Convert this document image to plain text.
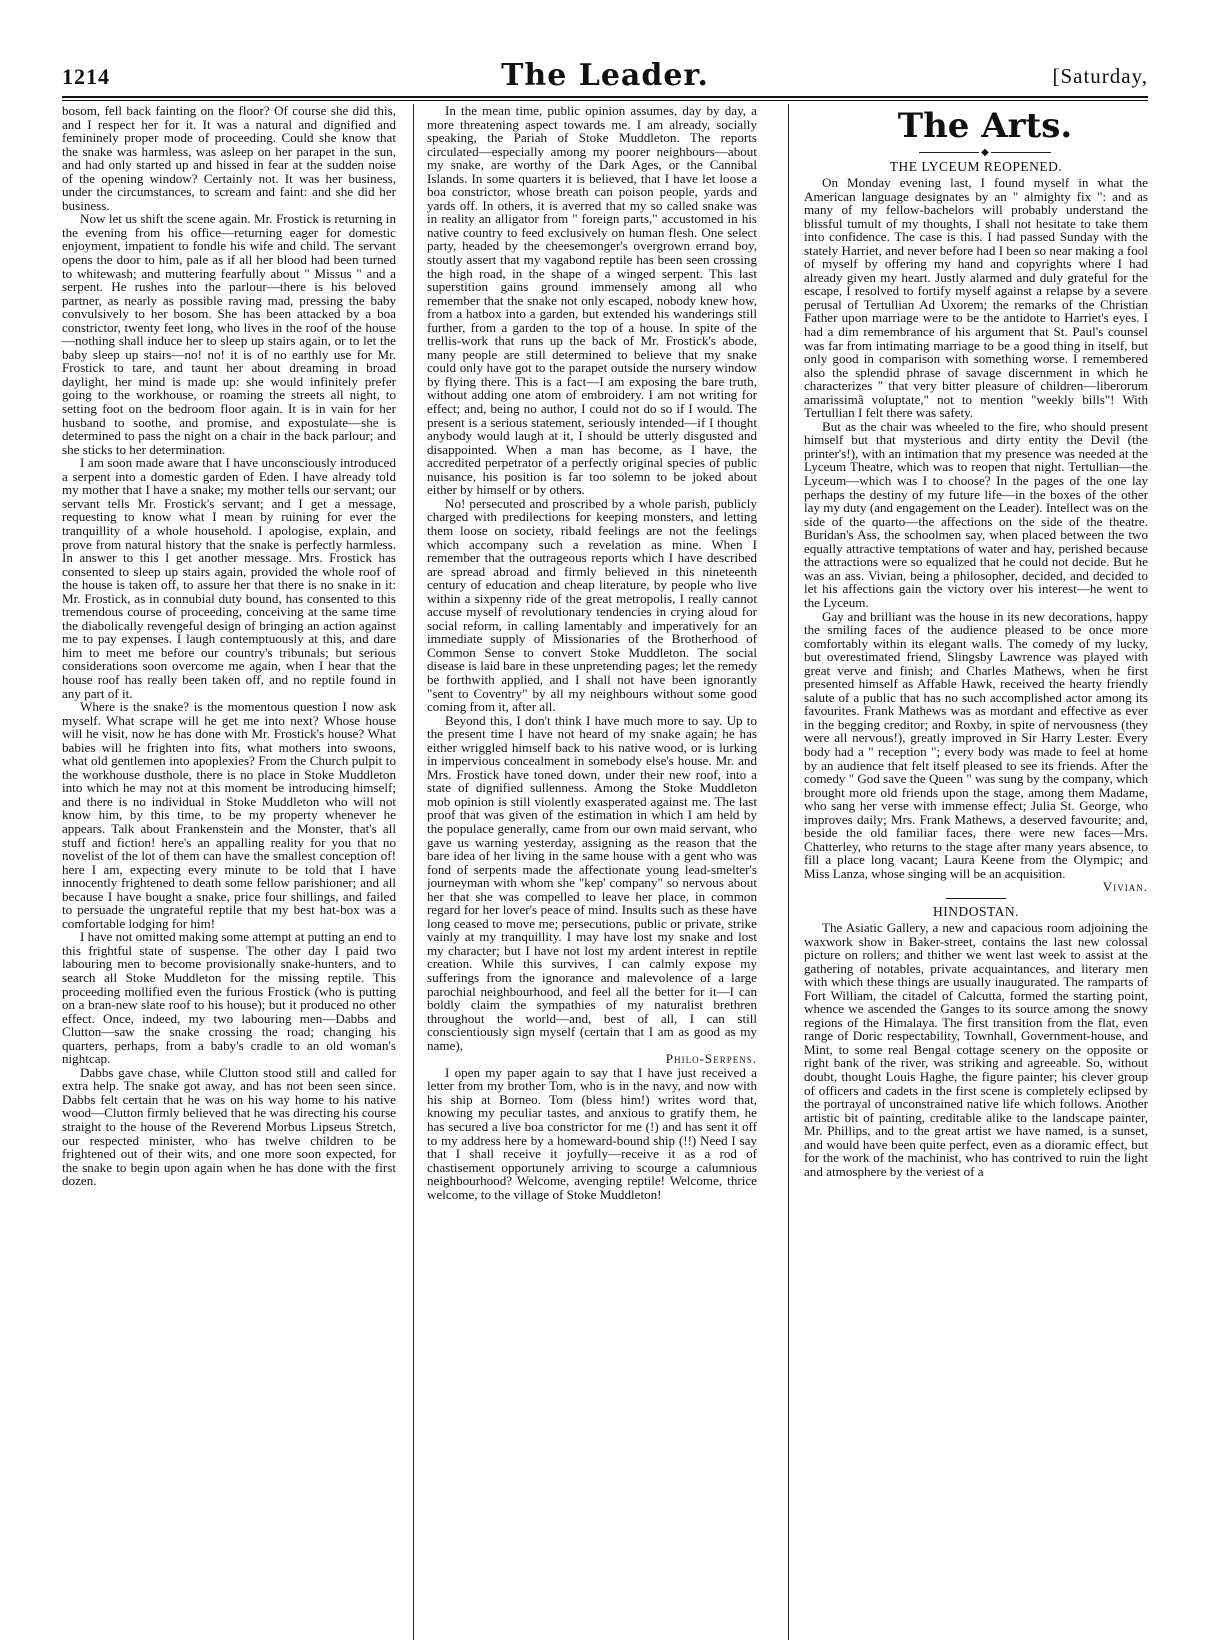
1214	The Leader.	[Saturday,

bosom, fell back fainting on the floor? Of course she did this, and I respect her for it. It was a natural and dignified and femininely proper mode of proceeding. Could she know that the snake was harmless, was asleep on her parapet in the sun, and had only started up and hissed in fear at the sudden noise of the opening window? Certainly not. It was her business, under the circumstances, to scream and faint: and she did her business.

Now let us shift the scene again. Mr. Frostick is returning in the evening from his office—returning eager for domestic enjoyment, impatient to fondle his wife and child. The servant opens the door to him, pale as if all her blood had been turned to whitewash; and muttering fearfully about " Missus " and a serpent. He rushes into the parlour—there is his beloved partner, as nearly as possible raving mad, pressing the baby convulsively to her bosom. She has been attacked by a boa constrictor, twenty feet long, who lives in the roof of the house—nothing shall induce her to sleep up stairs again, or to let the baby sleep up stairs—no! no! it is of no earthly use for Mr. Frostick to tare, and taunt her about dreaming in broad daylight, her mind is made up: she would infinitely prefer going to the workhouse, or roaming the streets all night, to setting foot on the bedroom floor again. It is in vain for her husband to soothe, and promise, and expostulate—she is determined to pass the night on a chair in the back parlour; and she sticks to her determination.

I am soon made aware that I have unconsciously introduced a serpent into a domestic garden of Eden. I have already told my mother that I have a snake; my mother tells our servant; our servant tells Mr. Frostick's servant; and I get a message, requesting to know what I mean by ruining for ever the tranquillity of a whole household. I apologise, explain, and prove from natural history that the snake is perfectly harmless. In answer to this I get another message. Mrs. Frostick has consented to sleep up stairs again, provided the whole roof of the house is taken off, to assure her that there is no snake in it: Mr. Frostick, as in connubial duty bound, has consented to this tremendous course of proceeding, conceiving at the same time the diabolically revengeful design of bringing an action against me to pay expenses. I laugh contemptuously at this, and dare him to meet me before our country's tribunals; but serious considerations soon overcome me again, when I hear that the house roof has really been taken off, and no reptile found in any part of it.

Where is the snake? is the momentous question I now ask myself. What scrape will he get me into next? Whose house will he visit, now he has done with Mr. Frostick's house? What babies will he frighten into fits, what mothers into swoons, what old gentlemen into apoplexies? From the Church pulpit to the workhouse dusthole, there is no place in Stoke Muddleton into which he may not at this moment be introducing himself; and there is no individual in Stoke Muddleton who will not know him, by this time, to be my property whenever he appears. Talk about Frankenstein and the Monster, that's all stuff and fiction! here's an appalling reality for you that no novelist of the lot of them can have the smallest conception of! here I am, expecting every minute to be told that I have innocently frightened to death some fellow parishioner; and all because I have bought a snake, price four shillings, and failed to persuade the ungrateful reptile that my best hat-box was a comfortable lodging for him!

I have not omitted making some attempt at putting an end to this frightful state of suspense. The other day I paid two labouring men to become provisionally snake-hunters, and to search all Stoke Muddleton for the missing reptile. This proceeding mollified even the furious Frostick (who is putting on a bran-new slate roof to his house); but it produced no other effect. Once, indeed, my two labouring men—Dabbs and Clutton—saw the snake crossing the road; changing his quarters, perhaps, from a baby's cradle to an old woman's nightcap.

Dabbs gave chase, while Clutton stood still and called for extra help. The snake got away, and has not been seen since. Dabbs felt certain that he was on his way home to his native wood—Clutton firmly believed that he was directing his course straight to the house of the Reverend Morbus Lipseus Stretch, our respected minister, who has twelve children to be frightened out of their wits, and one more soon expected, for the snake to begin upon again when he has done with the first dozen.

In the mean time, public opinion assumes, day by day, a more threatening aspect towards me. I am already, socially speaking, the Pariah of Stoke Muddleton. The reports circulated—especially among my poorer neighbours—about my snake, are worthy of the Dark Ages, or the Cannibal Islands. In some quarters it is believed, that I have let loose a boa constrictor, whose breath can poison people, yards and yards off. In others, it is averred that my so called snake was in reality an alligator from " foreign parts," accustomed in his native country to feed exclusively on human flesh. One select party, headed by the cheesemonger's overgrown errand boy, stoutly assert that my vagabond reptile has been seen crossing the high road, in the shape of a winged serpent. This last superstition gains ground immensely among all who remember that the snake not only escaped, nobody knew how, from a hatbox into a garden, but extended his wanderings still further, from a garden to the top of a house. In spite of the trellis-work that runs up the back of Mr. Frostick's abode, many people are still determined to believe that my snake could only have got to the parapet outside the nursery window by flying there. This is a fact—I am exposing the bare truth, without adding one atom of embroidery. I am not writing for effect; and, being no author, I could not do so if I would. The present is a serious statement, seriously intended—if I thought anybody would laugh at it, I should be utterly disgusted and disappointed. When a man has become, as I have, the accredited perpetrator of a perfectly original species of public nuisance, his position is far too solemn to be joked about either by himself or by others.

No! persecuted and proscribed by a whole parish, publicly charged with predilections for keeping monsters, and letting them loose on society, ribald feelings are not the feelings which accompany such a revelation as mine. When I remember that the outrageous reports which I have described are spread abroad and firmly believed in this nineteenth century of education and cheap literature, by people who live within a sixpenny ride of the great metropolis, I really cannot accuse myself of revolutionary tendencies in crying aloud for social reform, in calling lamentably and imperatively for an immediate supply of Missionaries of the Brotherhood of Common Sense to convert Stoke Muddleton. The social disease is laid bare in these unpretending pages; let the remedy be forthwith applied, and I shall not have been ignorantly "sent to Coventry" by all my neighbours without some good coming from it, after all.

Beyond this, I don't think I have much more to say. Up to the present time I have not heard of my snake again; he has either wriggled himself back to his native wood, or is lurking in impervious concealment in somebody else's house. Mr. and Mrs. Frostick have toned down, under their new roof, into a state of dignified sullenness. Among the Stoke Muddleton mob opinion is still violently exasperated against me. The last proof that was given of the estimation in which I am held by the populace generally, came from our own maid servant, who gave us warning yesterday, assigning as the reason that the bare idea of her living in the same house with a gent who was fond of serpents made the affectionate young lead-smelter's journeyman with whom she "kep' company" so nervous about her that she was compelled to leave her place, in common regard for her lover's peace of mind. Insults such as these have long ceased to move me; persecutions, public or private, strike vainly at my tranquillity. I may have lost my snake and lost my character; but I have not lost my ardent interest in reptile creation. While this survives, I can calmly expose my sufferings from the ignorance and malevolence of a large parochial neighbourhood, and feel all the better for it—I can boldly claim the sympathies of my naturalist brethren throughout the world—and, best of all, I can still conscientiously sign myself (certain that I am as good as my name),

Philo-Serpens.

I open my paper again to say that I have just received a letter from my brother Tom, who is in the navy, and now with his ship at Borneo. Tom (bless him!) writes word that, knowing my peculiar tastes, and anxious to gratify them, he has secured a live boa constrictor for me (!) and has sent it off to my address here by a homeward-bound ship (!!) Need I say that I shall receive it joyfully—receive it as a rod of chastisement opportunely arriving to scourge a calumnious neighbourhood? Welcome, avenging reptile! Welcome, thrice welcome, to the village of Stoke Muddleton!

The Arts.

◆

THE LYCEUM REOPENED.

On Monday evening last, I found myself in what the American language designates by an " almighty fix ": and as many of my fellow-bachelors will probably understand the blissful tumult of my thoughts, I shall not hesitate to take them into confidence. The case is this. I had passed Sunday with the stately Harriet, and never before had I been so near making a fool of myself by offering my hand and copyrights where I had already given my heart. Justly alarmed and duly grateful for the escape, I resolved to fortify myself against a relapse by a severe perusal of Tertullian Ad Uxorem; the remarks of the Christian Father upon marriage were to be the antidote to Harriet's eyes. I had a dim remembrance of his argument that St. Paul's counsel was far from intimating marriage to be a good thing in itself, but only good in comparison with something worse. I remembered also the splendid phrase of savage discernment in which he characterizes " that very bitter pleasure of children—liberorum amarissimâ voluptate," not to mention "weekly bills"! With Tertullian I felt there was safety.

But as the chair was wheeled to the fire, who should present himself but that mysterious and dirty entity the Devil (the printer's!), with an intimation that my presence was needed at the Lyceum Theatre, which was to reopen that night. Tertullian—the Lyceum—which was I to choose? In the pages of the one lay perhaps the destiny of my future life—in the boxes of the other lay my duty (and engagement on the Leader). Intellect was on the side of the quarto—the affections on the side of the theatre. Buridan's Ass, the schoolmen say, when placed between the two equally attractive temptations of water and hay, perished because the attractions were so equalized that he could not decide. But he was an ass. Vivian, being a philosopher, decided, and decided to let his affections gain the victory over his interest—he went to the Lyceum.

Gay and brilliant was the house in its new decorations, happy the smiling faces of the audience pleased to be once more comfortably within its elegant walls. The comedy of my lucky, but overestimated friend, Slingsby Lawrence was played with great verve and finish; and Charles Mathews, when he first presented himself as Affable Hawk, received the hearty friendly salute of a public that has no such accomplished actor among its favourites. Frank Mathews was as mordant and effective as ever in the begging creditor; and Roxby, in spite of nervousness (they were all nervous!), greatly improved in Sir Harry Lester. Every body had a " reception "; every body was made to feel at home by an audience that felt itself pleased to see its friends. After the comedy " God save the Queen " was sung by the company, which brought more old friends upon the stage, among them Madame, who sang her verse with immense effect; Julia St. George, who improves daily; Mrs. Frank Mathews, a deserved favourite; and, beside the old familiar faces, there were new faces—Mrs. Chatterley, who returns to the stage after many years absence, to fill a place long vacant; Laura Keene from the Olympic; and Miss Lanza, whose singing will be an acquisition.

Vivian.

HINDOSTAN.

The Asiatic Gallery, a new and capacious room adjoining the waxwork show in Baker-street, contains the last new colossal picture on rollers; and thither we went last week to assist at the gathering of notables, private acquaintances, and literary men with which these things are usually inaugurated. The ramparts of Fort William, the citadel of Calcutta, formed the starting point, whence we ascended the Ganges to its source among the snowy regions of the Himalaya. The first transition from the flat, even range of Doric respectability, Townhall, Government-house, and Mint, to some real Bengal cottage scenery on the opposite or right bank of the river, was striking and agreeable. So, without doubt, thought Louis Haghe, the figure painter; his clever group of officers and cadets in the first scene is completely eclipsed by the portrayal of unconstrained native life which follows. Another artistic bit of painting, creditable alike to the landscape painter, Mr. Phillips, and to the great artist we have named, is a sunset, and would have been quite perfect, even as a dioramic effect, but for the work of the machinist, who has contrived to ruin the light and atmosphere by the veriest of a
